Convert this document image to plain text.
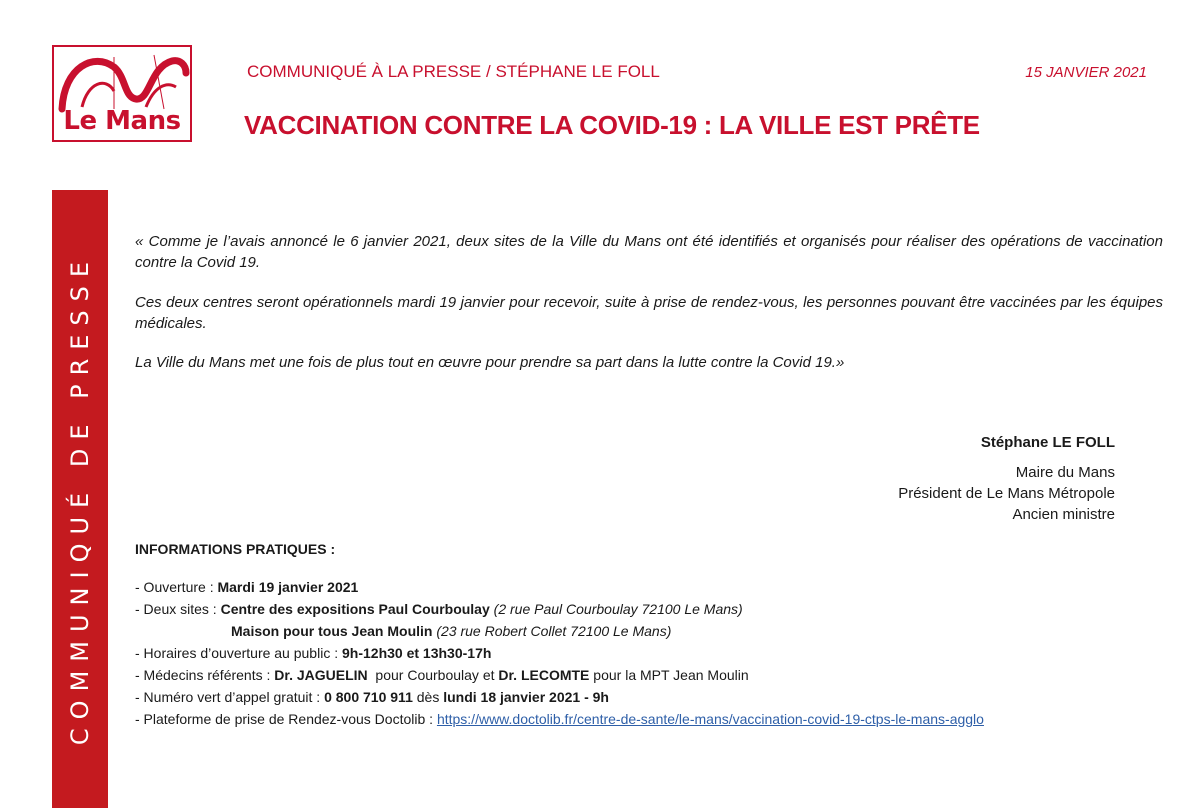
Le Mans
COMMUNIQUÉ À LA PRESSE / STÉPHANE LE FOLL	15 JANVIER 2021
VACCINATION CONTRE LA COVID-19 : LA VILLE EST PRÊTE
COMMUNIQUÉ DE PRESSE

« Comme je l’avais annoncé le 6 janvier 2021, deux sites de la Ville du Mans ont été identifiés et organisés pour réaliser des opérations de vaccination contre la Covid 19.

Ces deux centres seront opérationnels mardi 19 janvier pour recevoir, suite à prise de rendez-vous, les personnes pouvant être vaccinées par les équipes médicales.

La Ville du Mans met une fois de plus tout en œuvre pour prendre sa part dans la lutte contre la Covid 19.»

Stéphane LE FOLL
Maire du Mans
Président de Le Mans Métropole
Ancien ministre
INFORMATIONS PRATIQUES :
- Ouverture : Mardi 19 janvier 2021
- Deux sites : Centre des expositions Paul Courboulay (2 rue Paul Courboulay 72100 Le Mans)
Maison pour tous Jean Moulin (23 rue Robert Collet 72100 Le Mans)
- Horaires d’ouverture au public : 9h-12h30 et 13h30-17h
- Médecins référents : Dr. JAGUELIN  pour Courboulay et Dr. LECOMTE pour la MPT Jean Moulin
- Numéro vert d’appel gratuit : 0 800 710 911 dès lundi 18 janvier 2021 - 9h
- Plateforme de prise de Rendez-vous Doctolib : https://www.doctolib.fr/centre-de-sante/le-mans/vaccination-covid-19-ctps-le-mans-agglo
